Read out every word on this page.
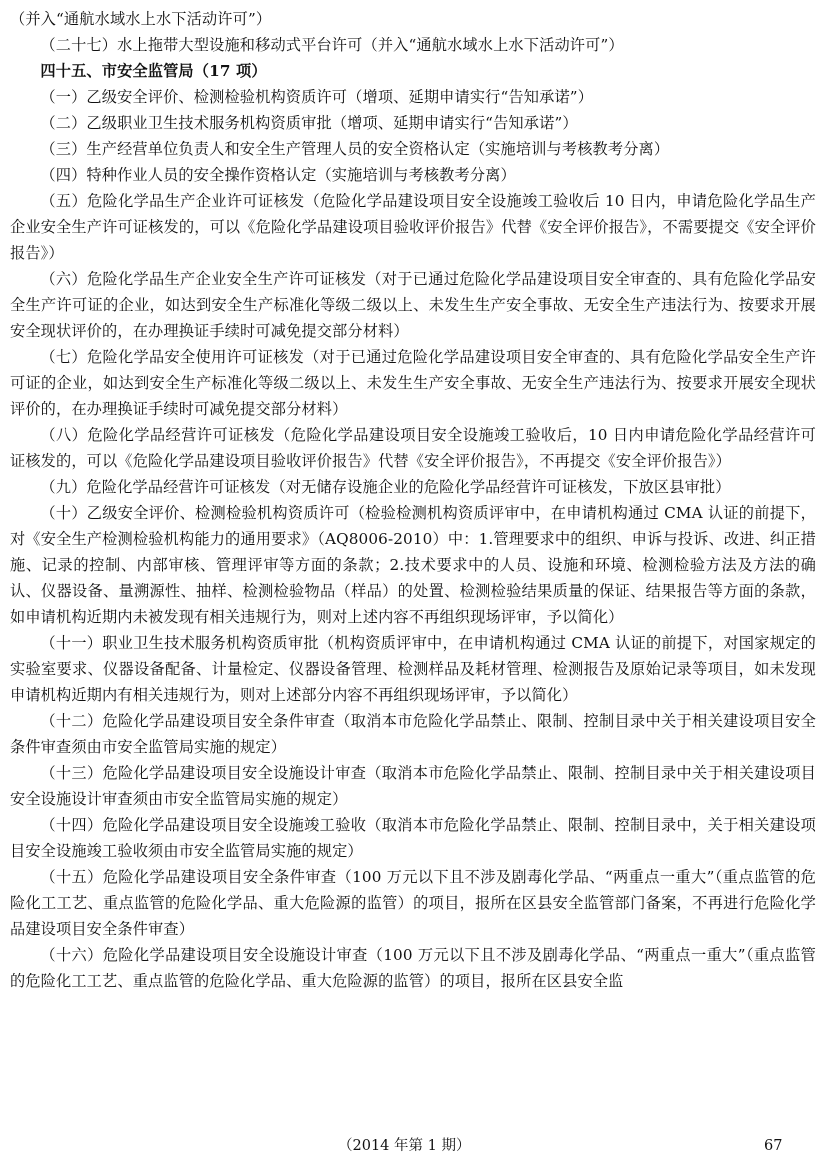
（并入“通航水域水上水下活动许可”）

（二十七）水上拖带大型设施和移动式平台许可（并入“通航水域水上水下活动许可”）

四十五、市安全监管局（17 项）

（一）乙级安全评价、检测检验机构资质许可（增项、延期申请实行“告知承诺”）

（二）乙级职业卫生技术服务机构资质审批（增项、延期申请实行“告知承诺”）

（三）生产经营单位负责人和安全生产管理人员的安全资格认定（实施培训与考核教考分离）

（四）特种作业人员的安全操作资格认定（实施培训与考核教考分离）

（五）危险化学品生产企业许可证核发（危险化学品建设项目安全设施竣工验收后 10 日内，申请危险化学品生产企业安全生产许可证核发的，可以《危险化学品建设项目验收评价报告》代替《安全评价报告》，不需要提交《安全评价报告》）

（六）危险化学品生产企业安全生产许可证核发（对于已通过危险化学品建设项目安全审查的、具有危险化学品安全生产许可证的企业，如达到安全生产标准化等级二级以上、未发生生产安全事故、无安全生产违法行为、按要求开展安全现状评价的，在办理换证手续时可减免提交部分材料）

（七）危险化学品安全使用许可证核发（对于已通过危险化学品建设项目安全审查的、具有危险化学品安全生产许可证的企业，如达到安全生产标准化等级二级以上、未发生生产安全事故、无安全生产违法行为、按要求开展安全现状评价的，在办理换证手续时可减免提交部分材料）

（八）危险化学品经营许可证核发（危险化学品建设项目安全设施竣工验收后，10 日内申请危险化学品经营许可证核发的，可以《危险化学品建设项目验收评价报告》代替《安全评价报告》，不再提交《安全评价报告》）

（九）危险化学品经营许可证核发（对无储存设施企业的危险化学品经营许可证核发，下放区县审批）

（十）乙级安全评价、检测检验机构资质许可（检验检测机构资质评审中，在申请机构通过 CMA 认证的前提下，对《安全生产检测检验机构能力的通用要求》（AQ8006-2010）中：1.管理要求中的组织、申诉与投诉、改进、纠正措施、记录的控制、内部审核、管理评审等方面的条款；2.技术要求中的人员、设施和环境、检测检验方法及方法的确认、仪器设备、量溯源性、抽样、检测检验物品（样品）的处置、检测检验结果质量的保证、结果报告等方面的条款，如申请机构近期内未被发现有相关违规行为，则对上述内容不再组织现场评审，予以简化）

（十一）职业卫生技术服务机构资质审批（机构资质评审中，在申请机构通过 CMA 认证的前提下，对国家规定的实验室要求、仪器设备配备、计量检定、仪器设备管理、检测样品及耗材管理、检测报告及原始记录等项目，如未发现申请机构近期内有相关违规行为，则对上述部分内容不再组织现场评审，予以简化）

（十二）危险化学品建设项目安全条件审查（取消本市危险化学品禁止、限制、控制目录中关于相关建设项目安全条件审查须由市安全监管局实施的规定）

（十三）危险化学品建设项目安全设施设计审查（取消本市危险化学品禁止、限制、控制目录中关于相关建设项目安全设施设计审查须由市安全监管局实施的规定）

（十四）危险化学品建设项目安全设施竣工验收（取消本市危险化学品禁止、限制、控制目录中，关于相关建设项目安全设施竣工验收须由市安全监管局实施的规定）

（十五）危险化学品建设项目安全条件审查（100 万元以下且不涉及剧毒化学品、“两重点一重大”（重点监管的危险化工工艺、重点监管的危险化学品、重大危险源的监管）的项目，报所在区县安全监管部门备案，不再进行危险化学品建设项目安全条件审查）

（十六）危险化学品建设项目安全设施设计审查（100 万元以下且不涉及剧毒化学品、“两重点一重大”（重点监管的危险化工工艺、重点监管的危险化学品、重大危险源的监管）的项目，报所在区县安全监

（2014 年第 1 期）	67
